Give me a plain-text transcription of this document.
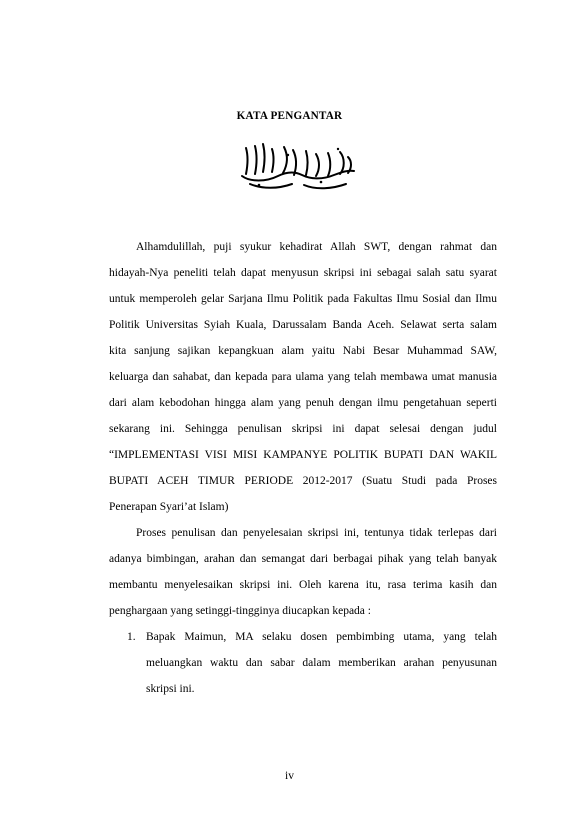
KATA PENGANTAR
Alhamdulillah, puji syukur kehadirat Allah SWT, dengan rahmat dan
hidayah-Nya peneliti telah dapat menyusun skripsi ini sebagai salah satu syarat
untuk memperoleh gelar Sarjana Ilmu Politik pada Fakultas Ilmu Sosial dan Ilmu
Politik Universitas Syiah Kuala, Darussalam Banda Aceh. Selawat serta salam
kita sanjung sajikan kepangkuan alam yaitu Nabi Besar Muhammad SAW,
keluarga dan sahabat, dan kepada para ulama yang telah membawa umat manusia
dari alam kebodohan hingga alam yang penuh dengan ilmu pengetahuan seperti
sekarang ini. Sehingga penulisan skripsi ini dapat selesai dengan judul
“IMPLEMENTASI VISI MISI KAMPANYE POLITIK BUPATI DAN WAKIL
BUPATI ACEH TIMUR PERIODE 2012-2017 (Suatu Studi pada Proses
Penerapan Syari’at Islam)
Proses penulisan dan penyelesaian skripsi ini, tentunya tidak terlepas dari
adanya bimbingan, arahan dan semangat dari berbagai pihak yang telah banyak
membantu menyelesaikan skripsi ini. Oleh karena itu, rasa terima kasih dan
penghargaan yang setinggi-tingginya diucapkan kepada :
1. Bapak Maimun, MA selaku dosen pembimbing utama, yang telah
meluangkan waktu dan sabar dalam memberikan arahan penyusunan
skripsi ini.
iv
